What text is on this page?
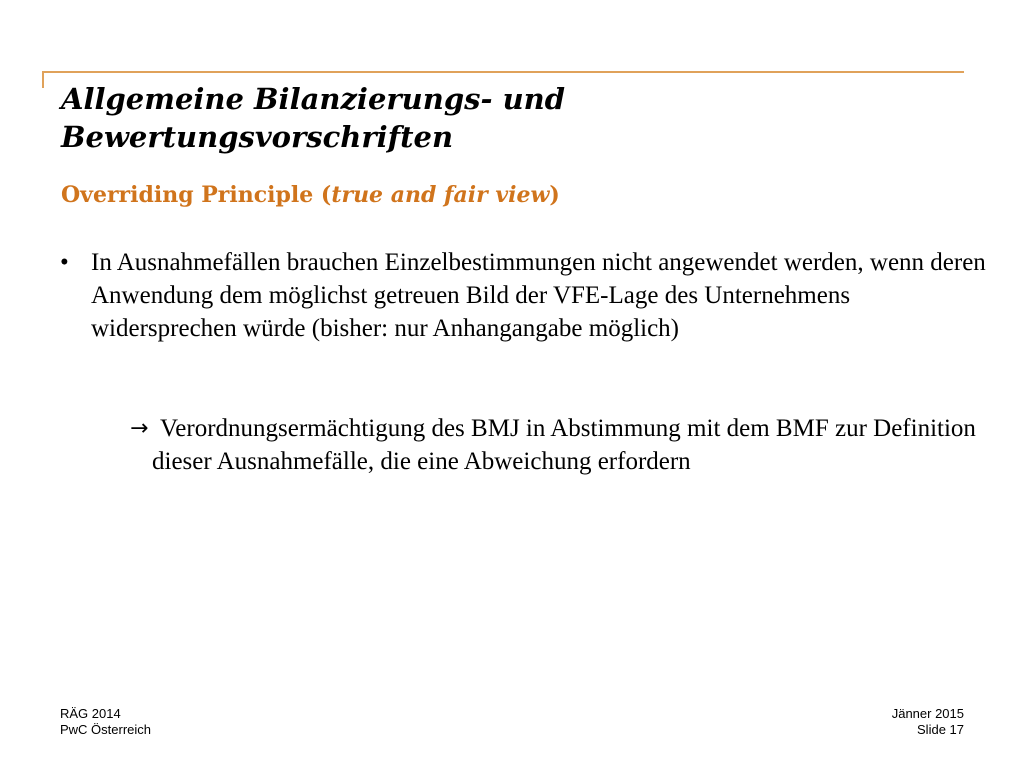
Allgemeine Bilanzierungs- und
Bewertungsvorschriften
Overriding Principle (true and fair view)
• In Ausnahmefällen brauchen Einzelbestimmungen nicht angewendet werden, wenn deren Anwendung dem möglichst getreuen Bild der VFE-Lage des Unternehmens widersprechen würde (bisher: nur Anhangangabe möglich)
→ Verordnungsermächtigung des BMJ in Abstimmung mit dem BMF zur Definition dieser Ausnahmefälle, die eine Abweichung erfordern
RÄG 2014
PwC Österreich
Jänner 2015
Slide 17
